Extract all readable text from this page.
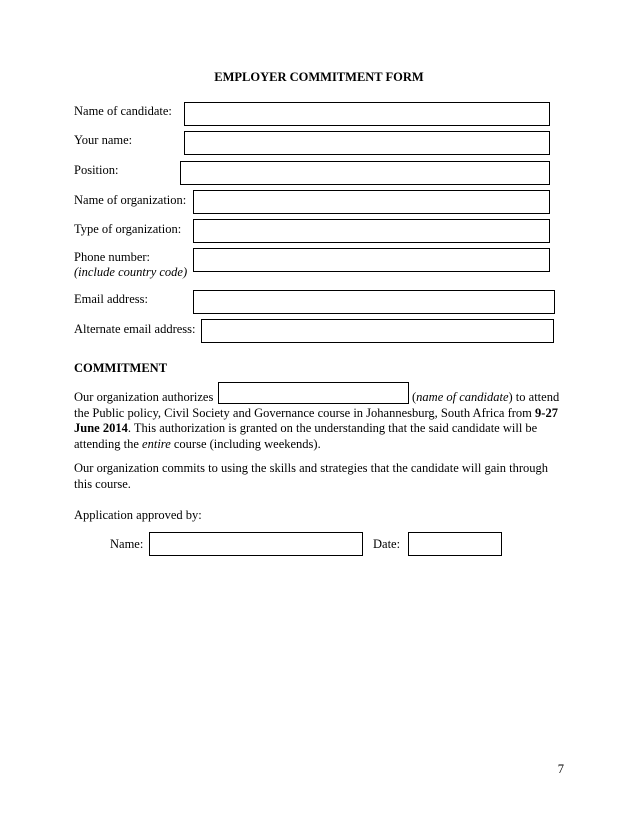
EMPLOYER COMMITMENT FORM
Name of candidate:
Your name:
Position:
Name of organization:
Type of organization:
Phone number:
(include country code)
Email address:
Alternate email address:
COMMITMENT
Our organization authorizes	(name of candidate) to attend
the Public policy, Civil Society and Governance course in Johannesburg, South Africa from 9-27 June 2014. This authorization is granted on the understanding that the said candidate will be attending the entire course (including weekends).
Our organization commits to using the skills and strategies that the candidate will gain through this course.
Application approved by:
Name:	Date:
7
